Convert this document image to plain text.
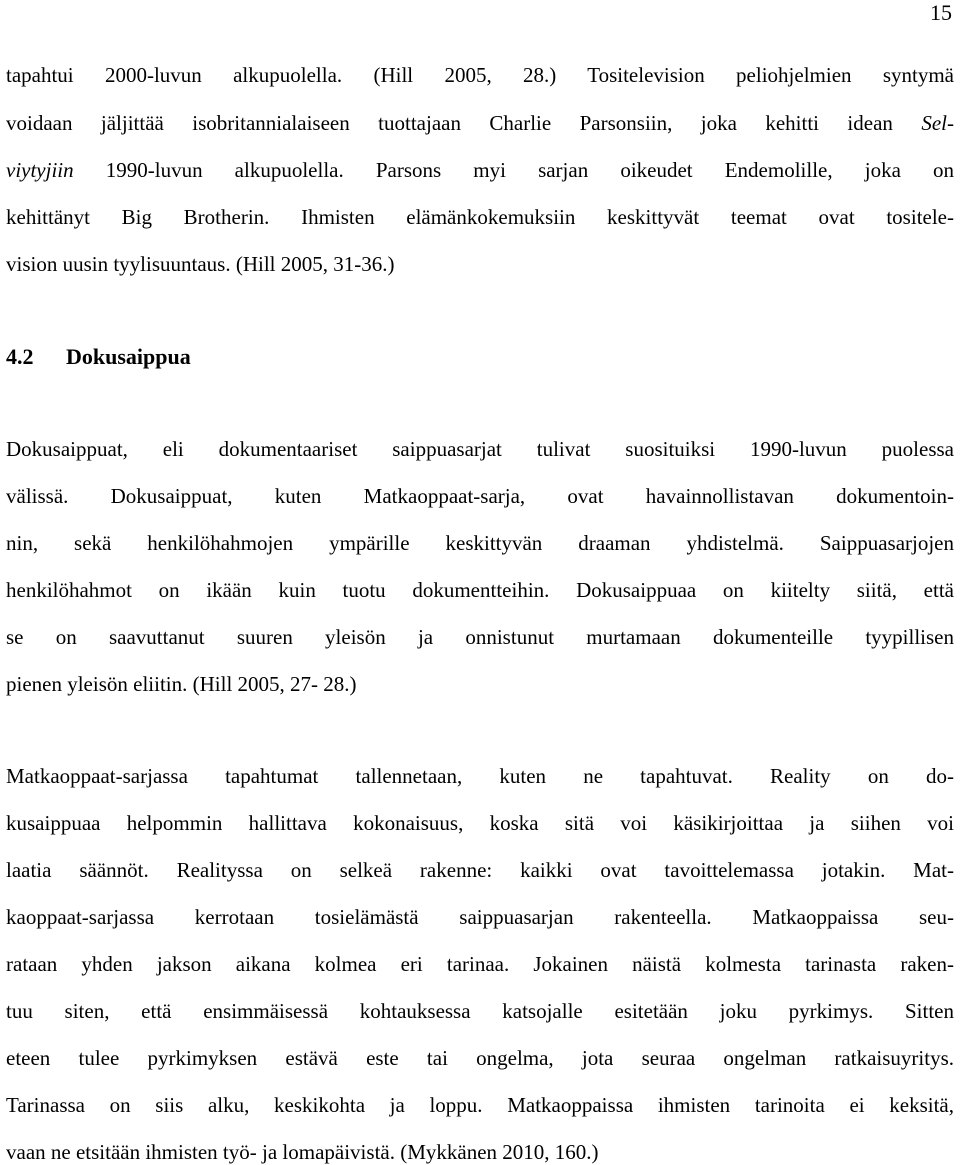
15
tapahtui 2000-luvun alkupuolella. (Hill 2005, 28.) Tositelevision peliohjelmien syntymä
voidaan jäljittää isobritannialaiseen tuottajaan Charlie Parsonsiin, joka kehitti idean Sel-
viytyjiin 1990-luvun alkupuolella. Parsons myi sarjan oikeudet Endemolille, joka on
kehittänyt Big Brotherin. Ihmisten elämänkokemuksiin keskittyvät teemat ovat tositele-
vision uusin tyylisuuntaus. (Hill 2005, 31-36.)
4.2 Dokusaippua
Dokusaippuat, eli dokumentaariset saippuasarjat tulivat suosituiksi 1990-luvun puolessa
välissä. Dokusaippuat, kuten Matkaoppaat-sarja, ovat havainnollistavan dokumentoin-
nin, sekä henkilöhahmojen ympärille keskittyvän draaman yhdistelmä. Saippuasarjojen
henkilöhahmot on ikään kuin tuotu dokumentteihin. Dokusaippuaa on kiitelty siitä, että
se on saavuttanut suuren yleisön ja onnistunut murtamaan dokumenteille tyypillisen
pienen yleisön eliitin. (Hill 2005, 27- 28.)
Matkaoppaat-sarjassa tapahtumat tallennetaan, kuten ne tapahtuvat. Reality on do-
kusaippuaa helpommin hallittava kokonaisuus, koska sitä voi käsikirjoittaa ja siihen voi
laatia säännöt. Realityssa on selkeä rakenne: kaikki ovat tavoittelemassa jotakin. Mat-
kaoppaat-sarjassa kerrotaan tosielämästä saippuasarjan rakenteella. Matkaoppaissa seu-
rataan yhden jakson aikana kolmea eri tarinaa. Jokainen näistä kolmesta tarinasta raken-
tuu siten, että ensimmäisessä kohtauksessa katsojalle esitetään joku pyrkimys. Sitten
eteen tulee pyrkimyksen estävä este tai ongelma, jota seuraa ongelman ratkaisuyritys.
Tarinassa on siis alku, keskikohta ja loppu. Matkaoppaissa ihmisten tarinoita ei keksitä,
vaan ne etsitään ihmisten työ- ja lomapäivistä. (Mykkänen 2010, 160.)
